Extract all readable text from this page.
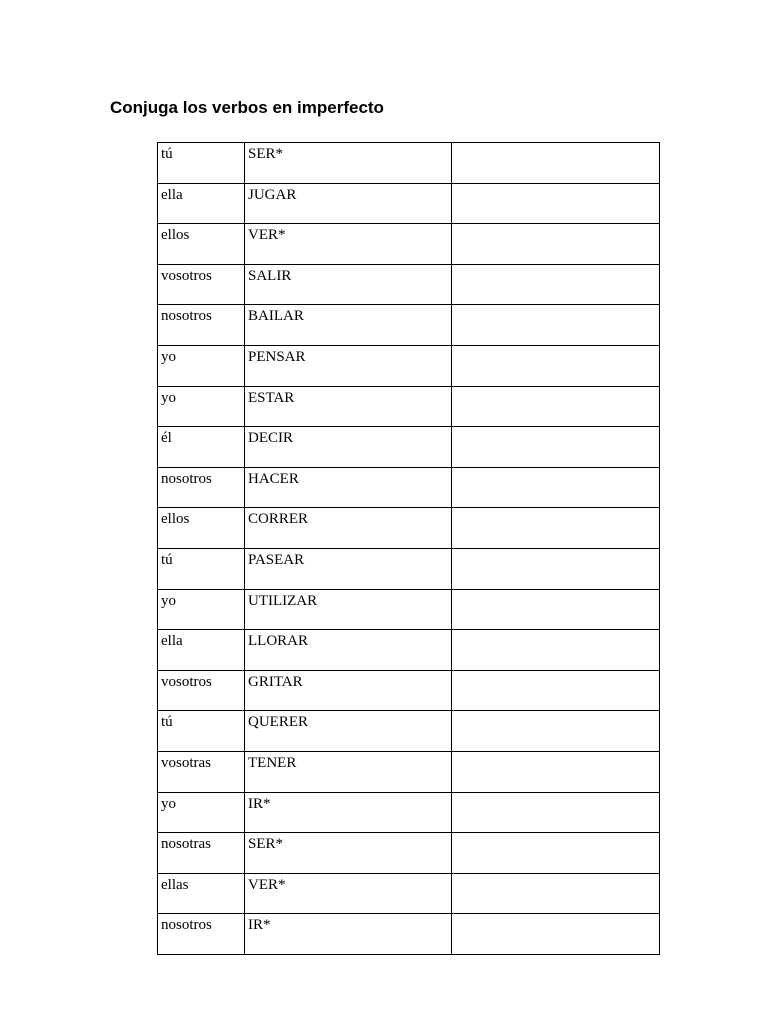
Conjuga los verbos en imperfecto
tú	SER*	
ella	JUGAR	
ellos	VER*	
vosotros	SALIR	
nosotros	BAILAR	
yo	PENSAR	
yo	ESTAR	
él	DECIR	
nosotros	HACER	
ellos	CORRER	
tú	PASEAR	
yo	UTILIZAR	
ella	LLORAR	
vosotros	GRITAR	
tú	QUERER	
vosotras	TENER	
yo	IR*	
nosotras	SER*	
ellas	VER*	
nosotros	IR*	
